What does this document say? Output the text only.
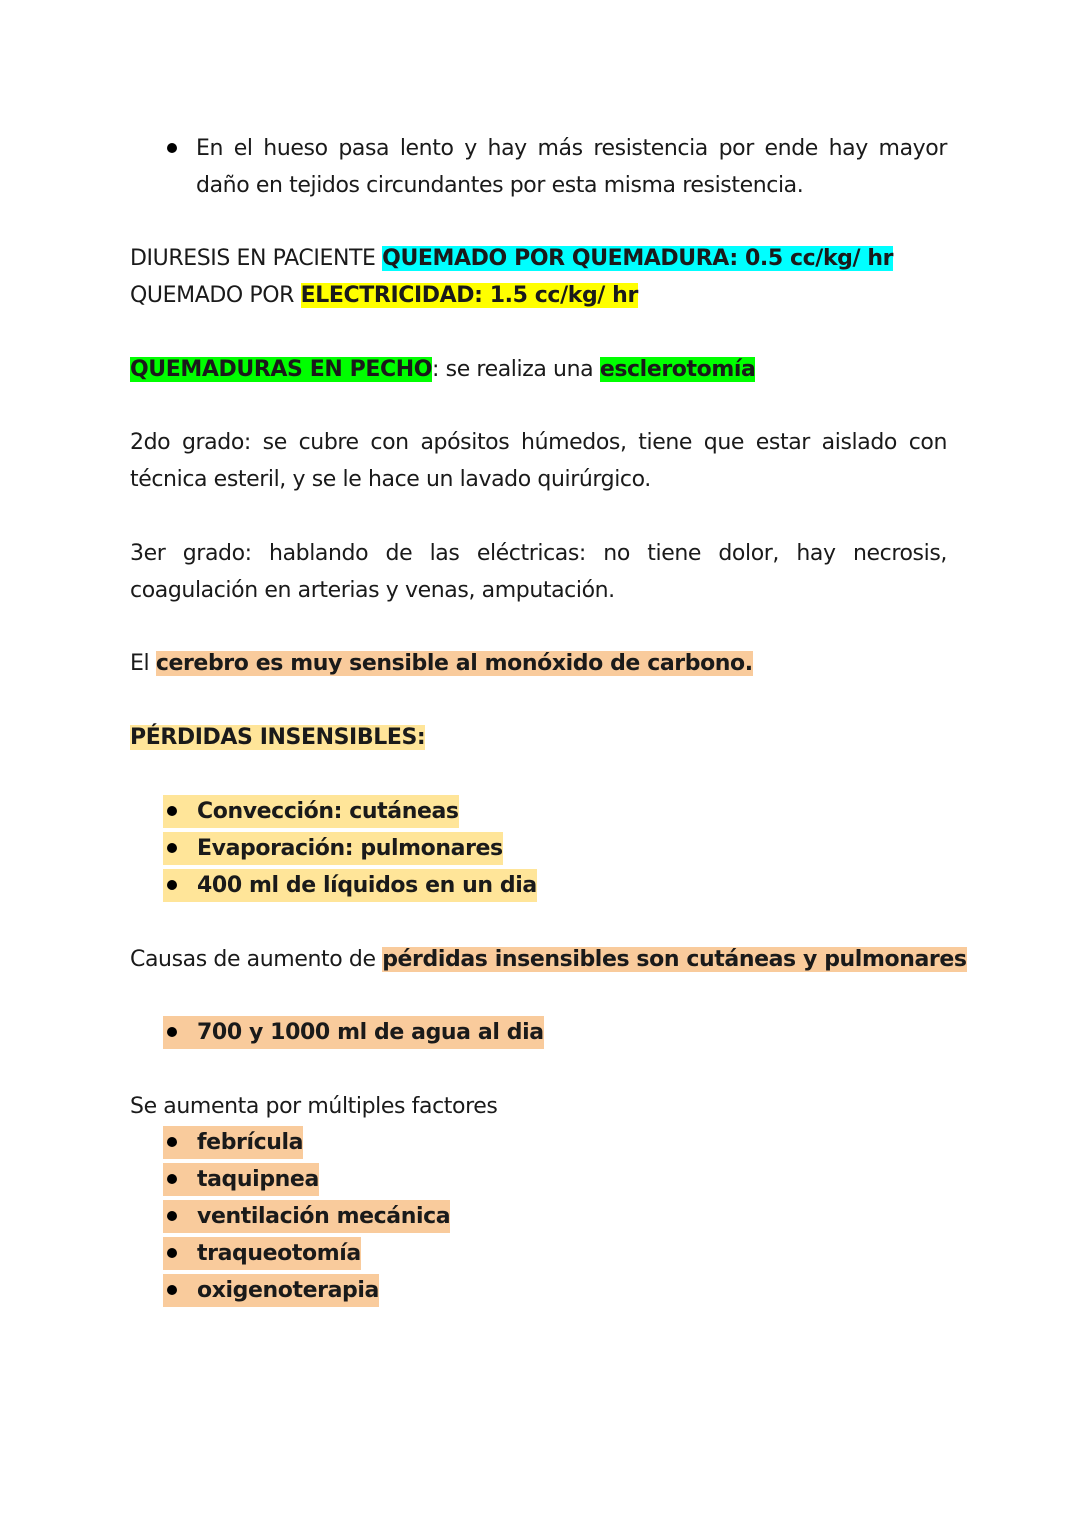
En el hueso pasa lento y hay más resistencia por ende hay mayor daño en tejidos circundantes por esta misma resistencia.
DIURESIS EN PACIENTE QUEMADO POR QUEMADURA: 0.5 cc/kg/ hr
QUEMADO POR ELECTRICIDAD: 1.5 cc/kg/ hr
QUEMADURAS EN PECHO: se realiza una esclerotomía
2do grado: se cubre con apósitos húmedos, tiene que estar aislado con técnica esteril, y se le hace un lavado quirúrgico.
3er grado: hablando de las eléctricas: no tiene dolor, hay necrosis, coagulación en arterias y venas, amputación.
El cerebro es muy sensible al monóxido de carbono.
PÉRDIDAS INSENSIBLES:
Convección: cutáneas
Evaporación: pulmonares
400 ml de líquidos en un dia
Causas de aumento de pérdidas insensibles son cutáneas y pulmonares
700 y 1000 ml de agua al dia
Se aumenta por múltiples factores
febrícula
taquipnea
ventilación mecánica
traqueotomía
oxigenoterapia
